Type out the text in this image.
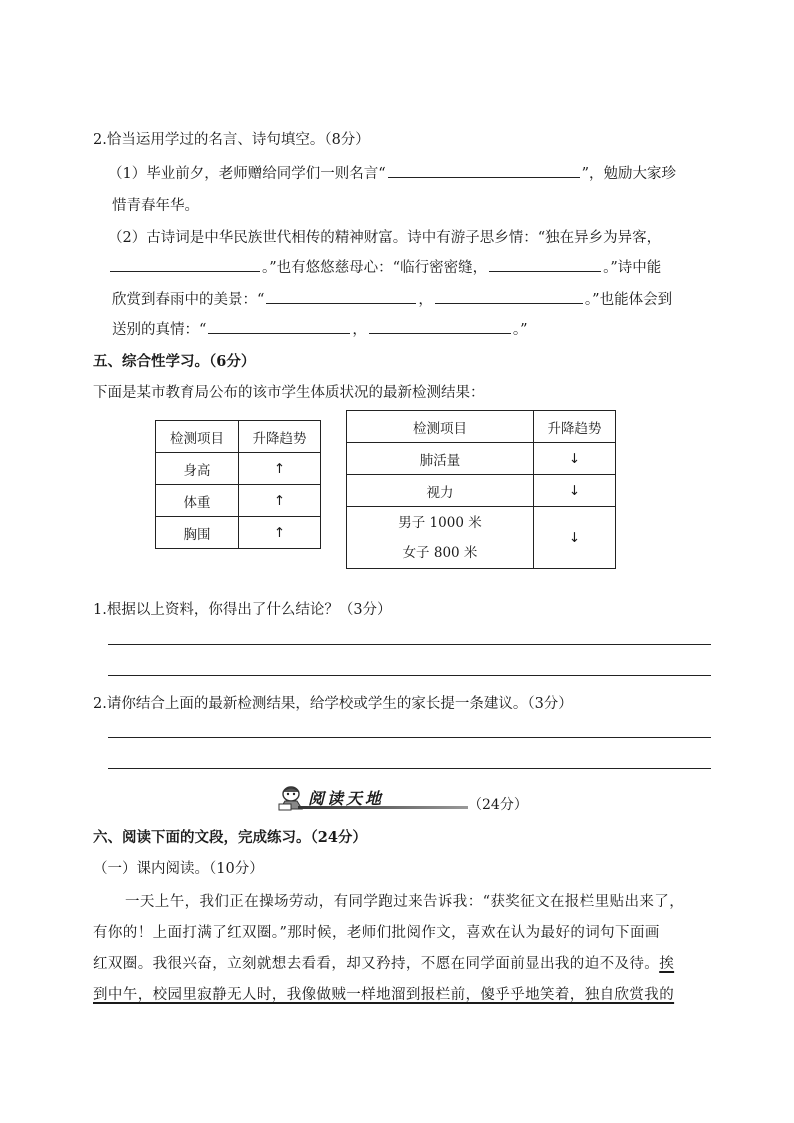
2.恰当运用学过的名言、诗句填空。（8分）
（1）毕业前夕，老师赠给同学们一则名言“	”，勉励大家珍
惜青春年华。
（2）古诗词是中华民族世代相传的精神财富。诗中有游子思乡情：“独在异乡为异客，
。”也有悠悠慈母心：“临行密密缝，	。”诗中能
欣赏到春雨中的美景：“	，	。”也能体会到
送别的真情：“	，	。”
五、综合性学习。（6分）
下面是某市教育局公布的该市学生体质状况的最新检测结果：
检测项目	升降趋势
身高	↑
体重	↑
胸围	↑
检测项目	升降趋势
肺活量	↓
视力	↓

男子 1000 米
女子 800 米	↓
1.根据以上资料，你得出了什么结论？（3分）
2.请你结合上面的最新检测结果，给学校或学生的家长提一条建议。（3分）
阅读天地	（24分）
六、阅读下面的文段，完成练习。（24分）
（一）课内阅读。（10分）
一天上午，我们正在操场劳动，有同学跑过来告诉我：“获奖征文在报栏里贴出来了，
有你的！上面打满了红双圈。”那时候，老师们批阅作文，喜欢在认为最好的词句下面画
红双圈。我很兴奋，立刻就想去看看，却又矜持，不愿在同学面前显出我的迫不及待。挨
到中午，校园里寂静无人时，我像做贼一样地溜到报栏前，傻乎乎地笑着，独自欣赏我的
